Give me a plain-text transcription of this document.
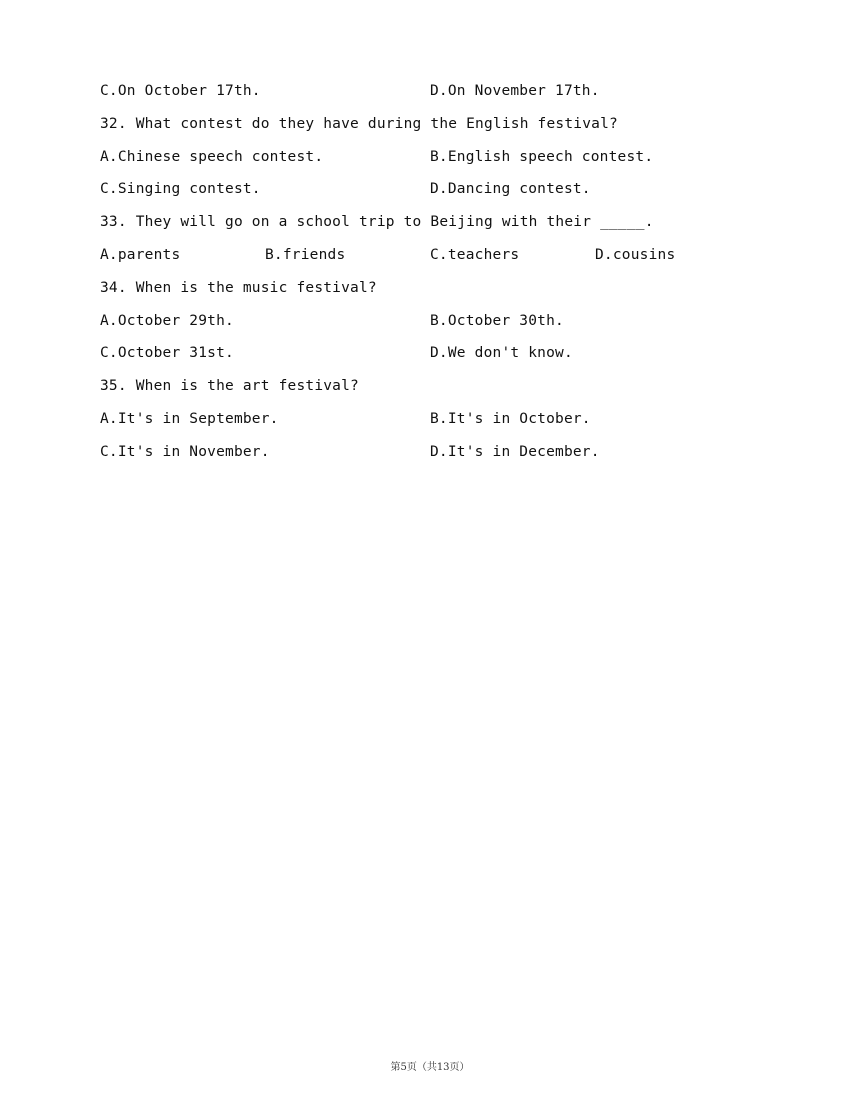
C.On October 17th.	D.On November 17th.
32. What contest do they have during the English festival?
A.Chinese speech contest.	B.English speech contest.
C.Singing contest.	D.Dancing contest.
33. They will go on a school trip to Beijing with their _____.
A.parents	B.friends	C.teachers	D.cousins
34. When is the music festival?
A.October 29th.	B.October 30th.
C.October 31st.	D.We don't know.
35. When is the art festival?
A.It's in September.	B.It's in October.
C.It's in November.	D.It's in December.
第5页（共13页）
